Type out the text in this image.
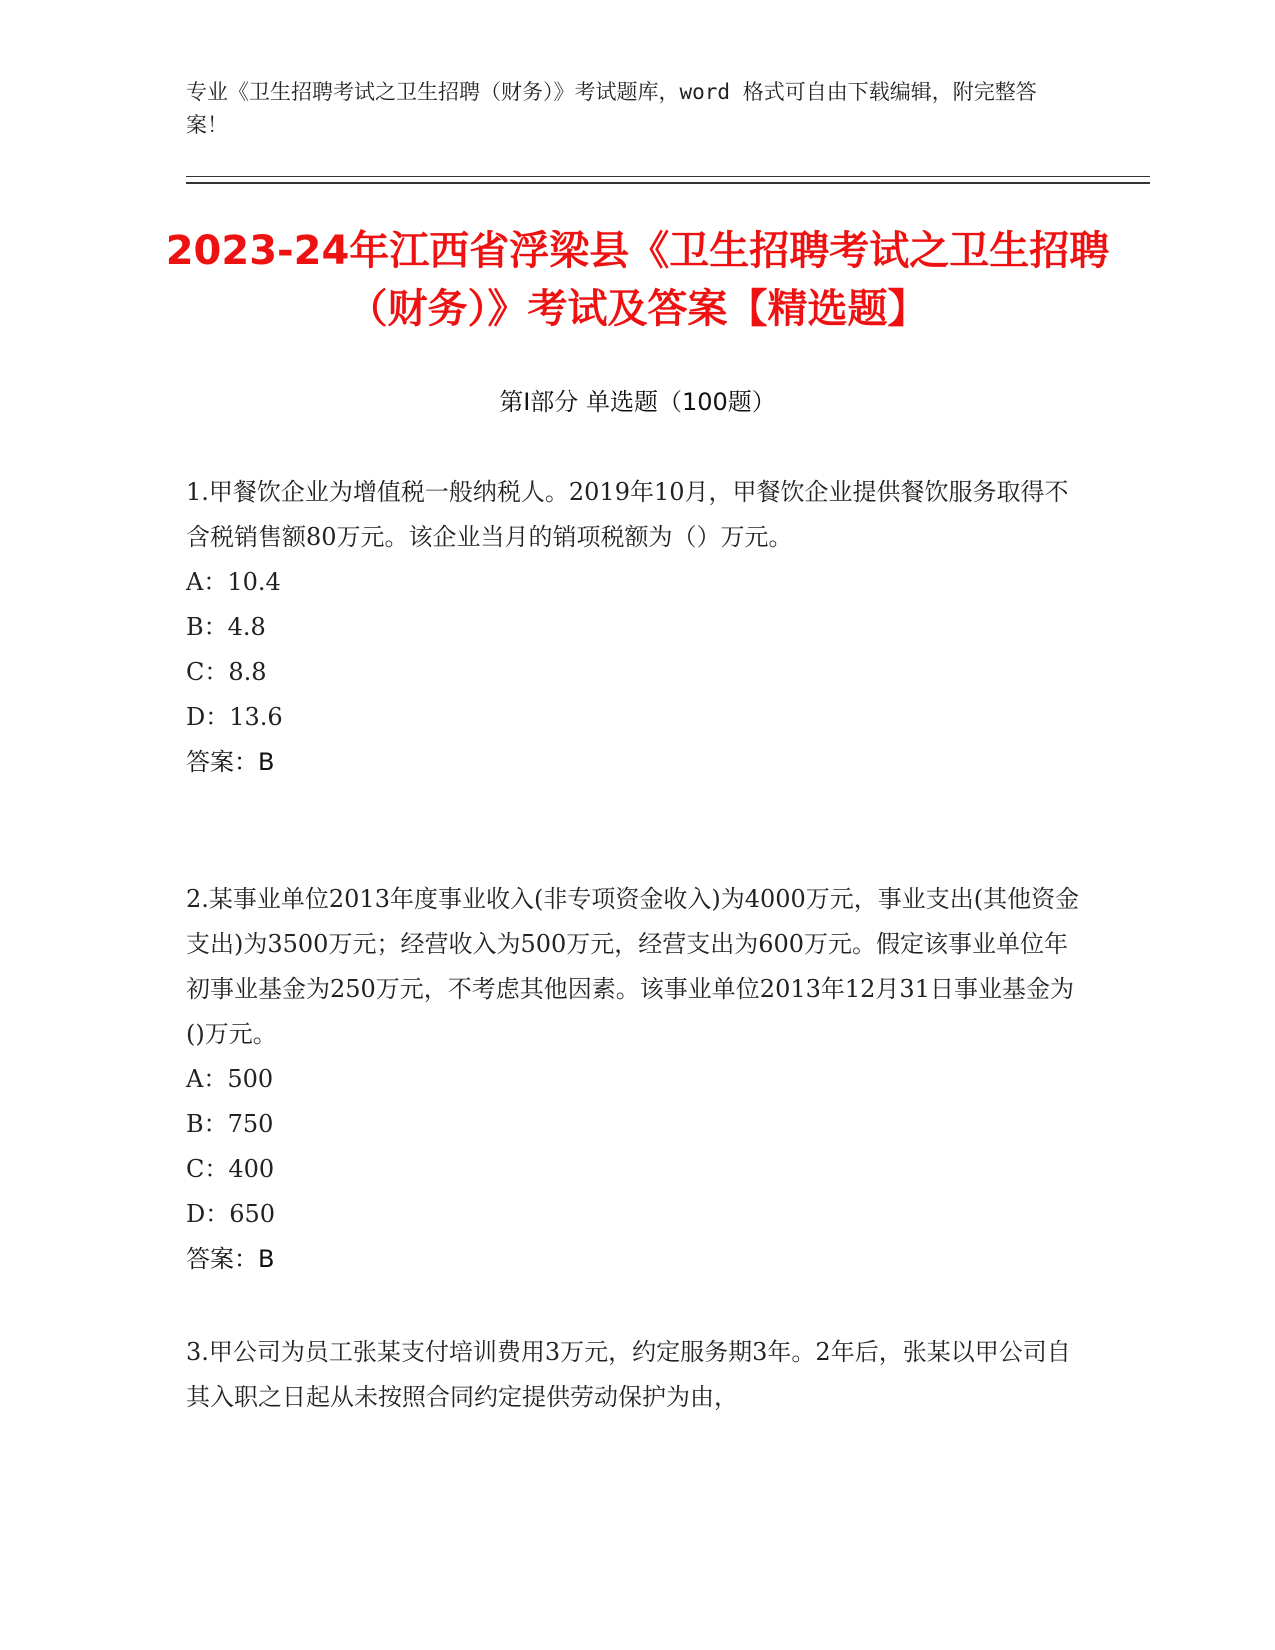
专业《卫生招聘考试之卫生招聘（财务）》考试题库，word 格式可自由下载编辑，附完整答案！
2023-24年江西省浮梁县《卫生招聘考试之卫生招聘（财务）》考试及答案【精选题】
第I部分 单选题（100题）

1.甲餐饮企业为增值税一般纳税人。2019年10月，甲餐饮企业提供餐饮服务取得不含税销售额80万元。该企业当月的销项税额为（）万元。

A：10.4

B：4.8

C：8.8

D：13.6

答案：B

2.某事业单位2013年度事业收入(非专项资金收入)为4000万元，事业支出(其他资金支出)为3500万元；经营收入为500万元，经营支出为600万元。假定该事业单位年初事业基金为250万元，不考虑其他因素。该事业单位2013年12月31日事业基金为()万元。

A：500

B：750

C：400

D：650

答案：B

3.甲公司为员工张某支付培训费用3万元，约定服务期3年。2年后，张某以甲公司自其入职之日起从未按照合同约定提供劳动保护为由，
